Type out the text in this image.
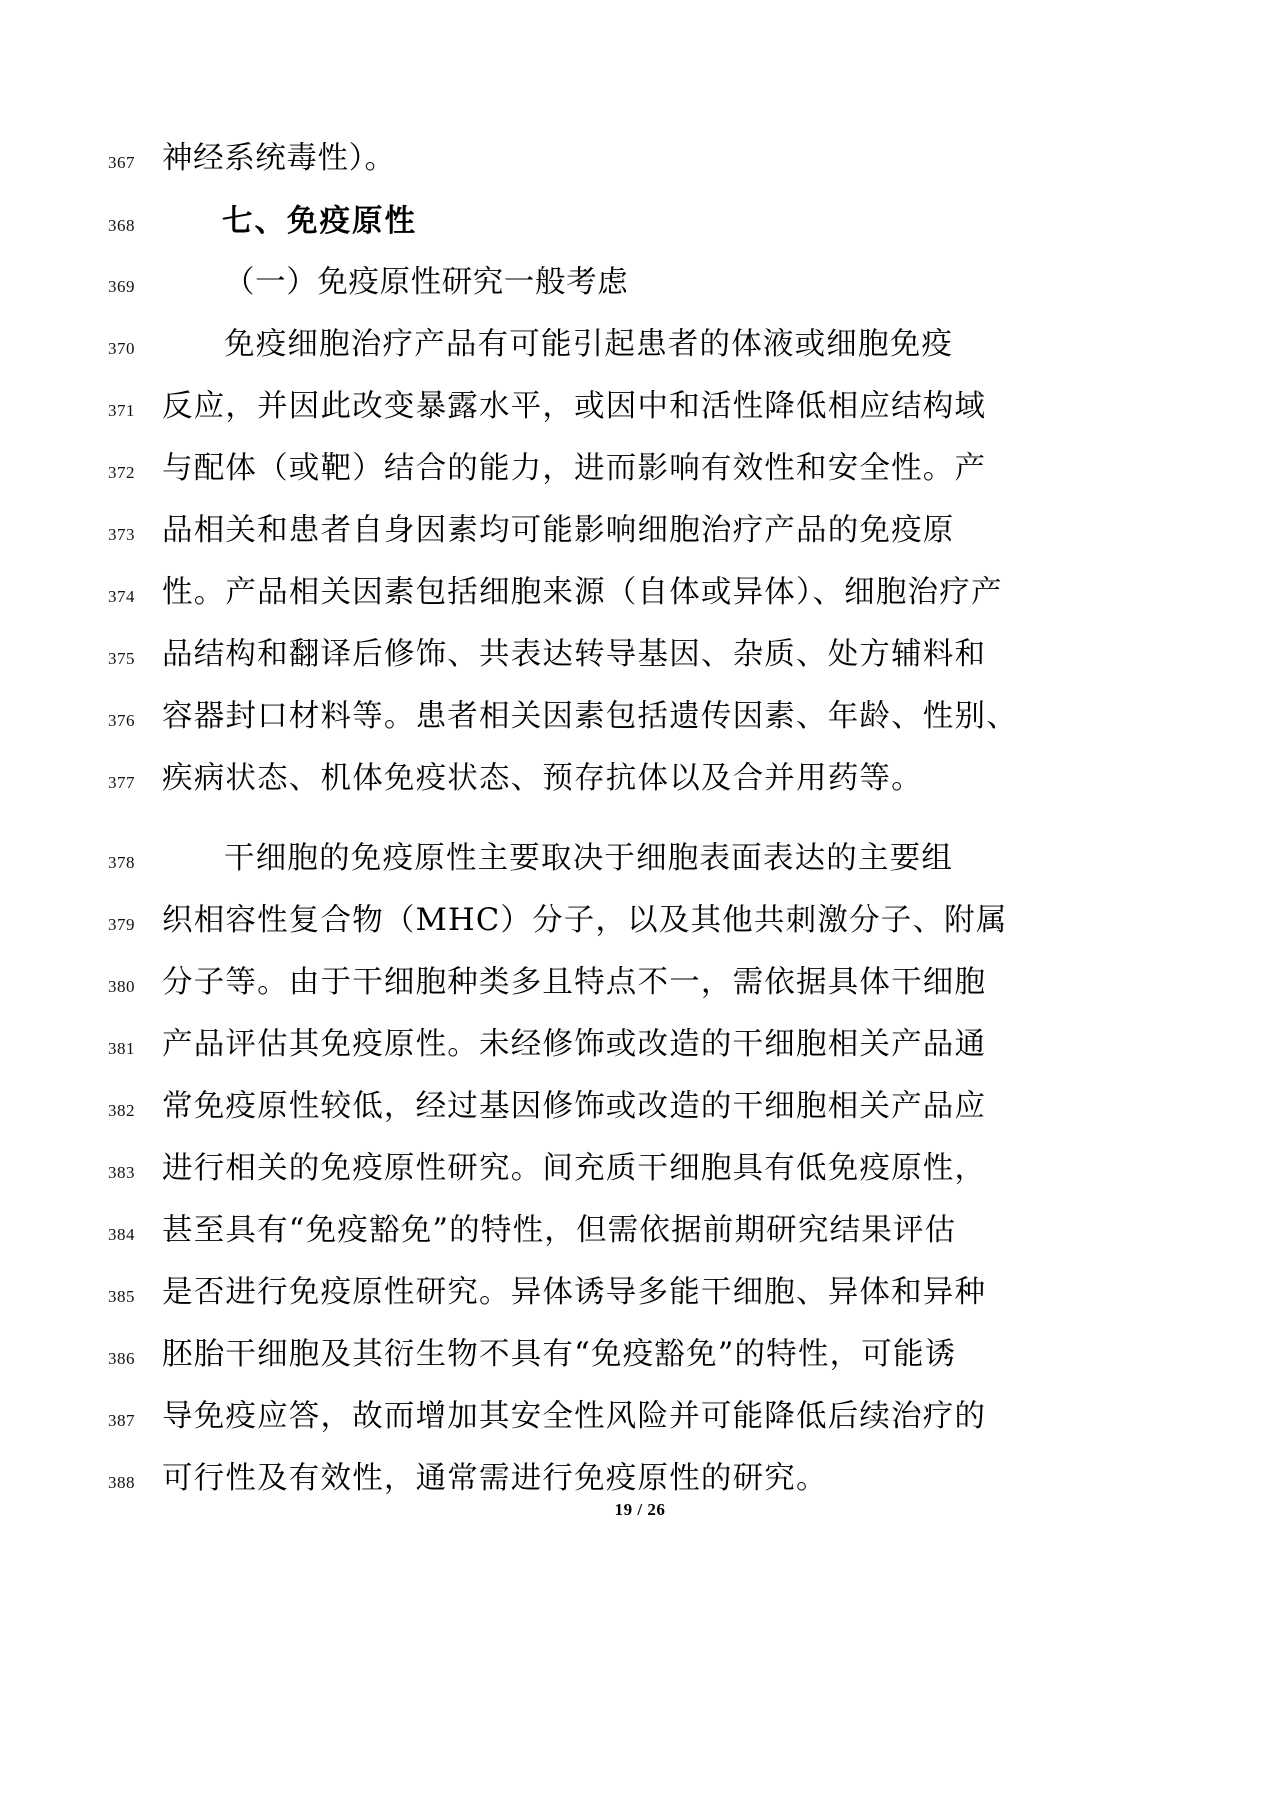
367 神经系统毒性）。
368	七、免疫原性
369	（一）免疫原性研究一般考虑
370	免疫细胞治疗产品有可能引起患者的体液或细胞免疫
371 反应，并因此改变暴露水平，或因中和活性降低相应结构域
372 与配体（或靶）结合的能力，进而影响有效性和安全性。产
373 品相关和患者自身因素均可能影响细胞治疗产品的免疫原
374 性。产品相关因素包括细胞来源（自体或异体）、细胞治疗产
375 品结构和翻译后修饰、共表达转导基因、杂质、处方辅料和
376 容器封口材料等。患者相关因素包括遗传因素、年龄、性别、
377 疾病状态、机体免疫状态、预存抗体以及合并用药等。
378	干细胞的免疫原性主要取决于细胞表面表达的主要组
379 织相容性复合物（MHC）分子，以及其他共刺激分子、附属
380 分子等。由于干细胞种类多且特点不一，需依据具体干细胞
381 产品评估其免疫原性。未经修饰或改造的干细胞相关产品通
382 常免疫原性较低，经过基因修饰或改造的干细胞相关产品应
383 进行相关的免疫原性研究。间充质干细胞具有低免疫原性，
384 甚至具有“免疫豁免”的特性，但需依据前期研究结果评估
385 是否进行免疫原性研究。异体诱导多能干细胞、异体和异种
386 胚胎干细胞及其衍生物不具有“免疫豁免”的特性，可能诱
387 导免疫应答，故而增加其安全性风险并可能降低后续治疗的
388 可行性及有效性，通常需进行免疫原性的研究。
19 / 26
